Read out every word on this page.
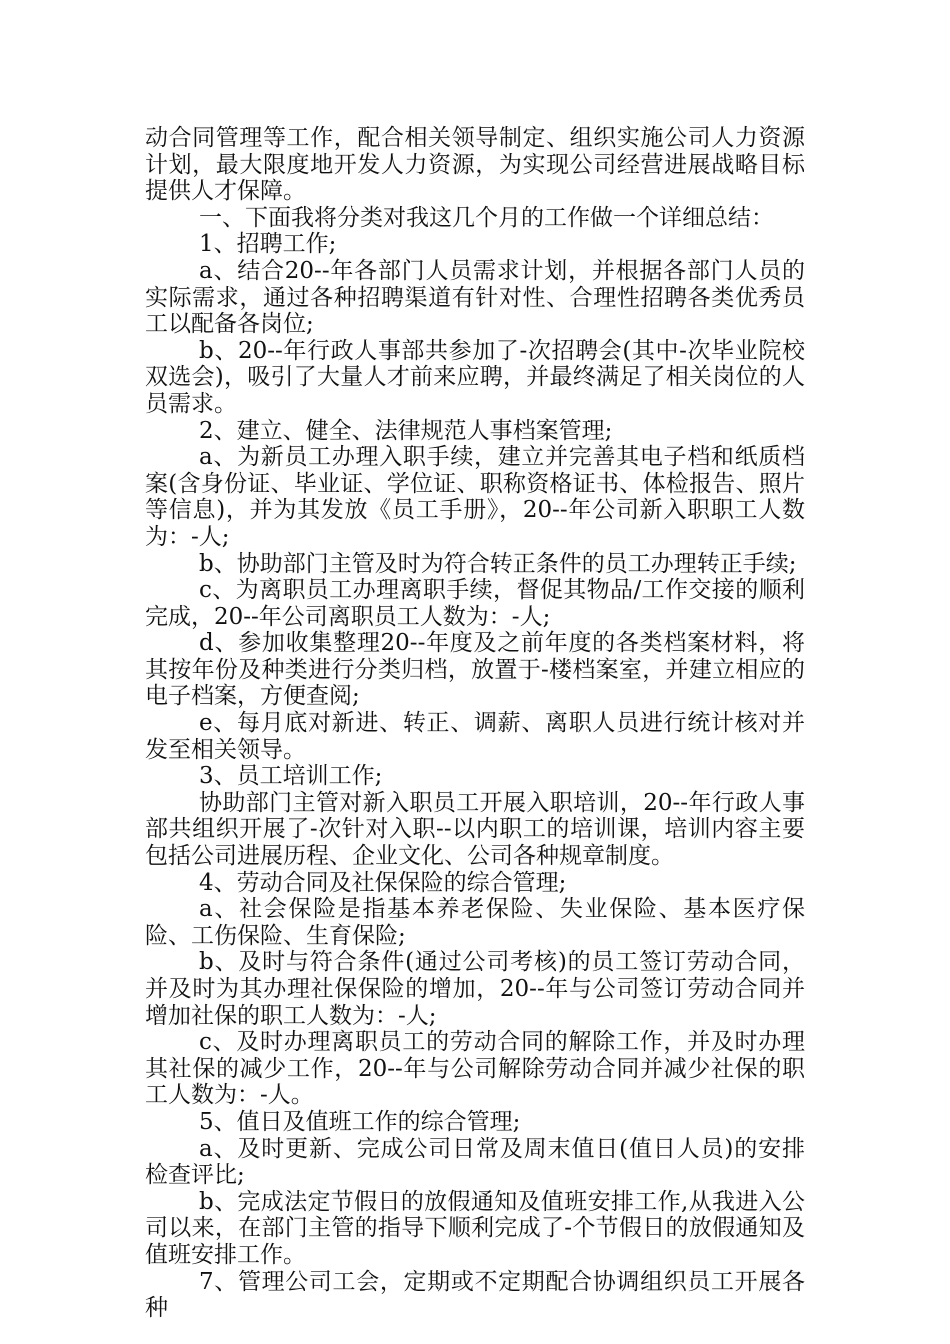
动合同管理等工作，配合相关领导制定、组织实施公司人力资源计划，最大限度地开发人力资源，为实现公司经营进展战略目标提供人才保障。

一、下面我将分类对我这几个月的工作做一个详细总结：

1、招聘工作;

a、结合20--年各部门人员需求计划，并根据各部门人员的实际需求，通过各种招聘渠道有针对性、合理性招聘各类优秀员工以配备各岗位;

b、20--年行政人事部共参加了-次招聘会(其中-次毕业院校双选会)，吸引了大量人才前来应聘，并最终满足了相关岗位的人员需求。

2、建立、健全、法律规范人事档案管理;

a、为新员工办理入职手续，建立并完善其电子档和纸质档案(含身份证、毕业证、学位证、职称资格证书、体检报告、照片等信息)，并为其发放《员工手册》，20--年公司新入职职工人数为：-人;

b、协助部门主管及时为符合转正条件的员工办理转正手续;

c、为离职员工办理离职手续，督促其物品/工作交接的顺利完成，20--年公司离职员工人数为：-人;

d、参加收集整理20--年度及之前年度的各类档案材料，将其按年份及种类进行分类归档，放置于-楼档案室，并建立相应的电子档案，方便查阅;

e、每月底对新进、转正、调薪、离职人员进行统计核对并发至相关领导。

3、员工培训工作;

协助部门主管对新入职员工开展入职培训，20--年行政人事部共组织开展了-次针对入职--以内职工的培训课，培训内容主要包括公司进展历程、企业文化、公司各种规章制度。

4、劳动合同及社保保险的综合管理;

a、社会保险是指基本养老保险、失业保险、基本医疗保险、工伤保险、生育保险;

b、及时与符合条件(通过公司考核)的员工签订劳动合同，并及时为其办理社保保险的增加，20--年与公司签订劳动合同并增加社保的职工人数为：-人;

c、及时办理离职员工的劳动合同的解除工作，并及时办理其社保的减少工作，20--年与公司解除劳动合同并减少社保的职工人数为：-人。

5、值日及值班工作的综合管理;

a、及时更新、完成公司日常及周末值日(值日人员)的安排检查评比;

b、完成法定节假日的放假通知及值班安排工作,从我进入公司以来，在部门主管的指导下顺利完成了-个节假日的放假通知及值班安排工作。

7、管理公司工会，定期或不定期配合协调组织员工开展各种
